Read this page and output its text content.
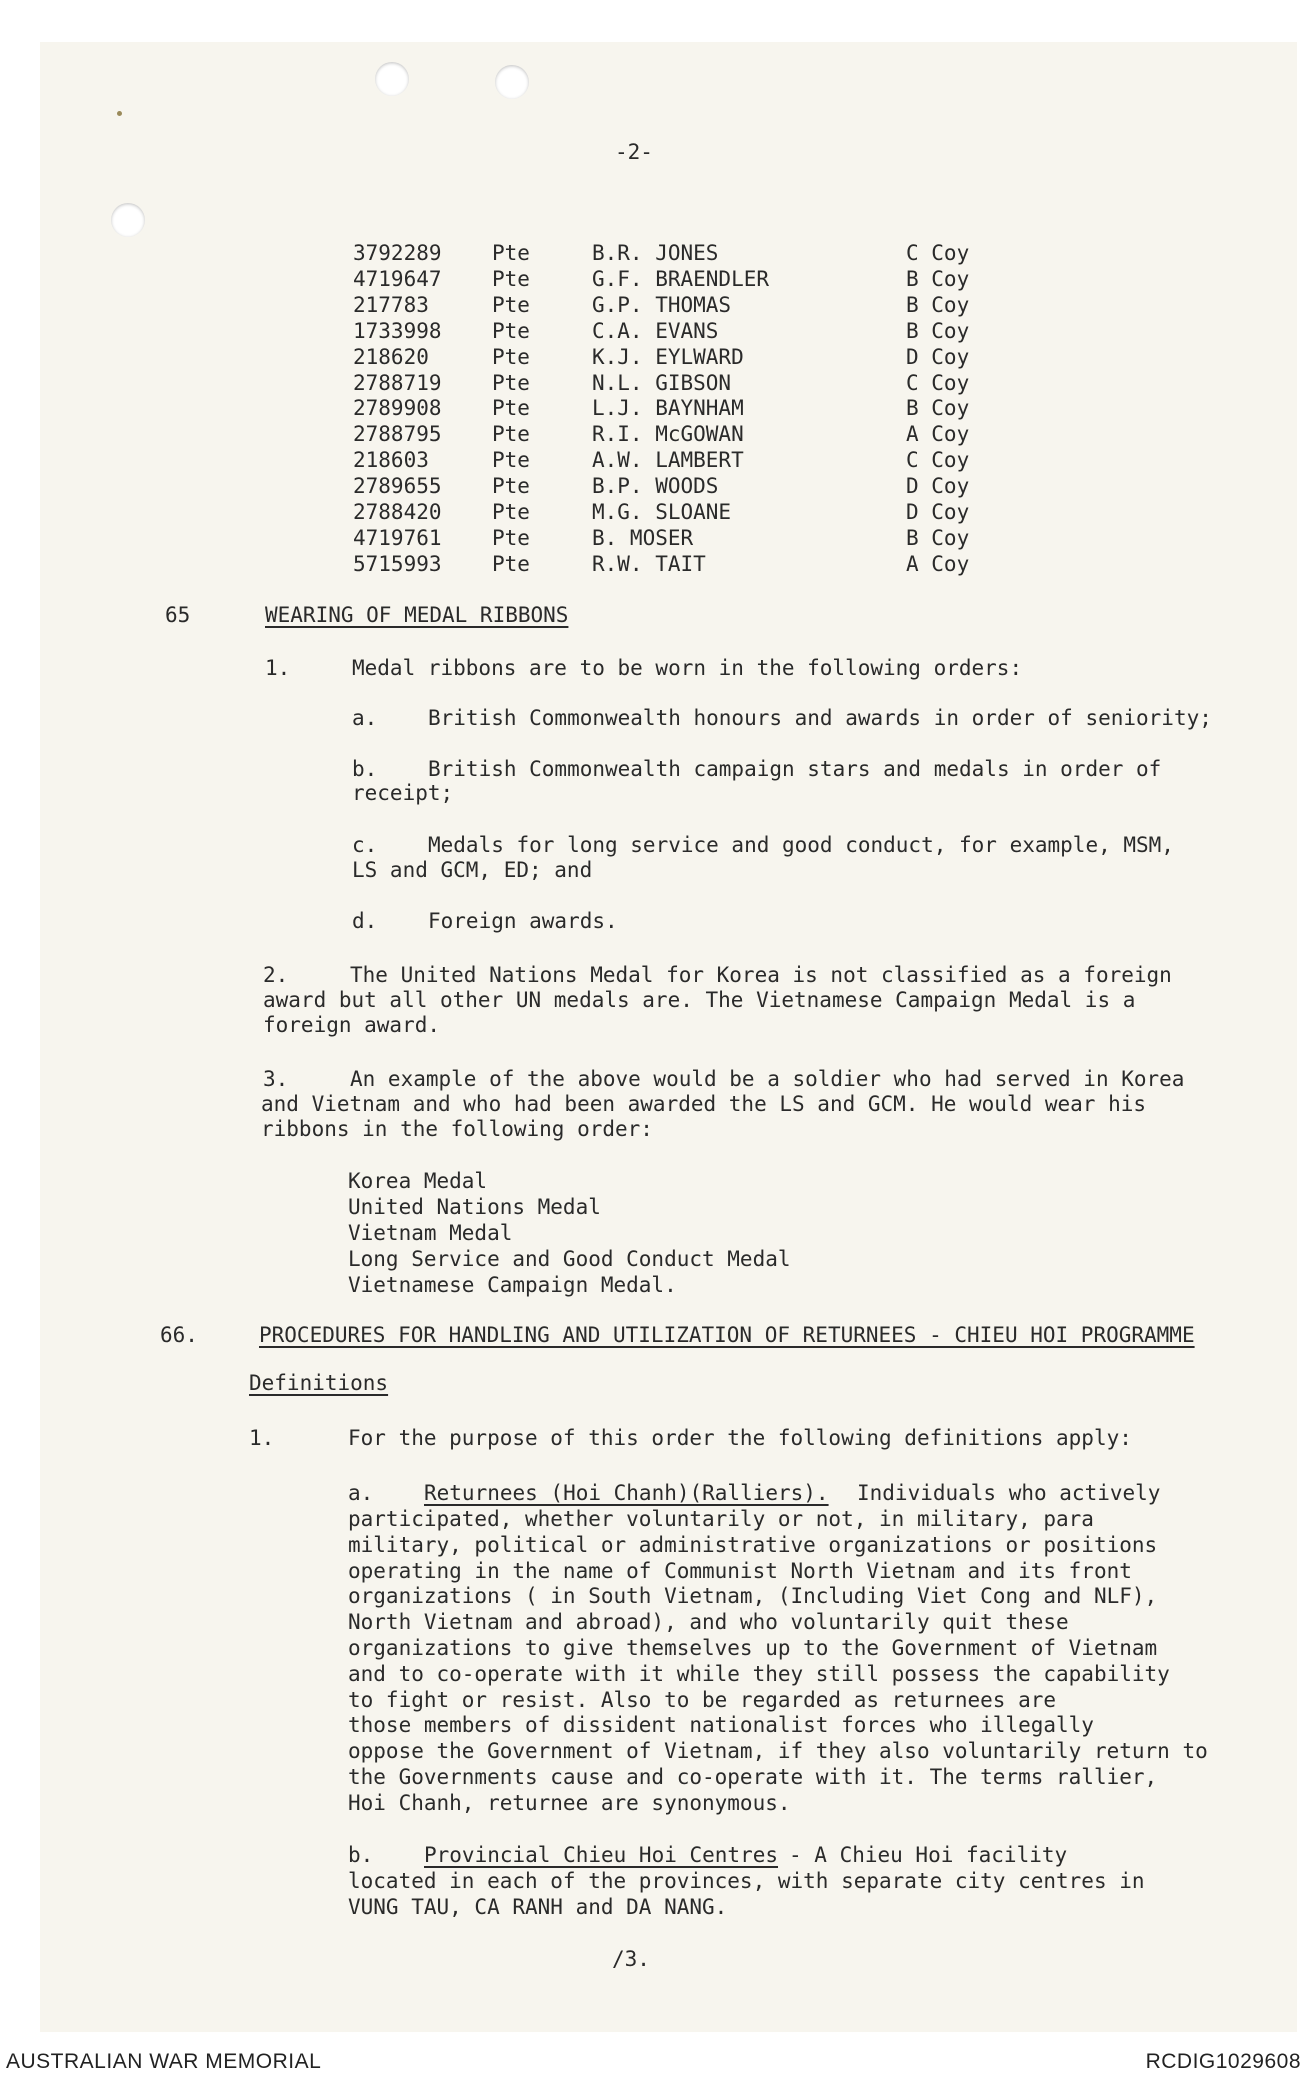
-2-
3792289 Pte	B.R. JONES	C Coy
4719647 Pte	G.F. BRAENDLER	B Coy
217783	Pte	G.P. THOMAS	B Coy
1733998 Pte	C.A. EVANS	B Coy
218620	Pte	K.J. EYLWARD	D Coy
2788719 Pte	N.L. GIBSON	C Coy
2789908 Pte	L.J. BAYNHAM	B Coy
2788795 Pte	R.I. McGOWAN	A Coy
218603	Pte	A.W. LAMBERT	C Coy
2789655 Pte	B.P. WOODS	D Coy
2788420 Pte	M.G. SLOANE	D Coy
4719761 Pte	B. MOSER	B Coy
5715993 Pte	R.W. TAIT	A Coy
65	WEARING OF MEDAL RIBBONS
1.	Medal ribbons are to be worn in the following orders:
a. British Commonwealth honours and awards in order of seniority;
b. British Commonwealth campaign stars and medals in order of
receipt;
c. Medals for long service and good conduct, for example, MSM,
LS and GCM, ED; and
d. Foreign awards.
2.	The United Nations Medal for Korea is not classified as a foreign
award but all other UN medals are. The Vietnamese Campaign Medal is a
foreign award.
3.	An example of the above would be a soldier who had served in Korea
and Vietnam and who had been awarded the LS and GCM. He would wear his
ribbons in the following order:
Korea Medal
United Nations Medal
Vietnam Medal
Long Service and Good Conduct Medal
Vietnamese Campaign Medal.
66.	PROCEDURES FOR HANDLING AND UTILIZATION OF RETURNEES - CHIEU HOI PROGRAMME
Definitions
1.	For the purpose of this order the following definitions apply:
a. Returnees (Hoi Chanh)(Ralliers). Individuals who actively
participated, whether voluntarily or not, in military, para
military, political or administrative organizations or positions
operating in the name of Communist North Vietnam and its front
organizations ( in South Vietnam, (Including Viet Cong and NLF),
North Vietnam and abroad), and who voluntarily quit these
organizations to give themselves up to the Government of Vietnam
and to co-operate with it while they still possess the capability
to fight or resist. Also to be regarded as returnees are
those members of dissident nationalist forces who illegally
oppose the Government of Vietnam, if they also voluntarily return to
the Governments cause and co-operate with it. The terms rallier,
Hoi Chanh, returnee are synonymous.
b. Provincial Chieu Hoi Centres - A Chieu Hoi facility
located in each of the provinces, with separate city centres in
VUNG TAU, CA RANH and DA NANG.
/3.
AUSTRALIAN WAR MEMORIAL	RCDIG1029608
